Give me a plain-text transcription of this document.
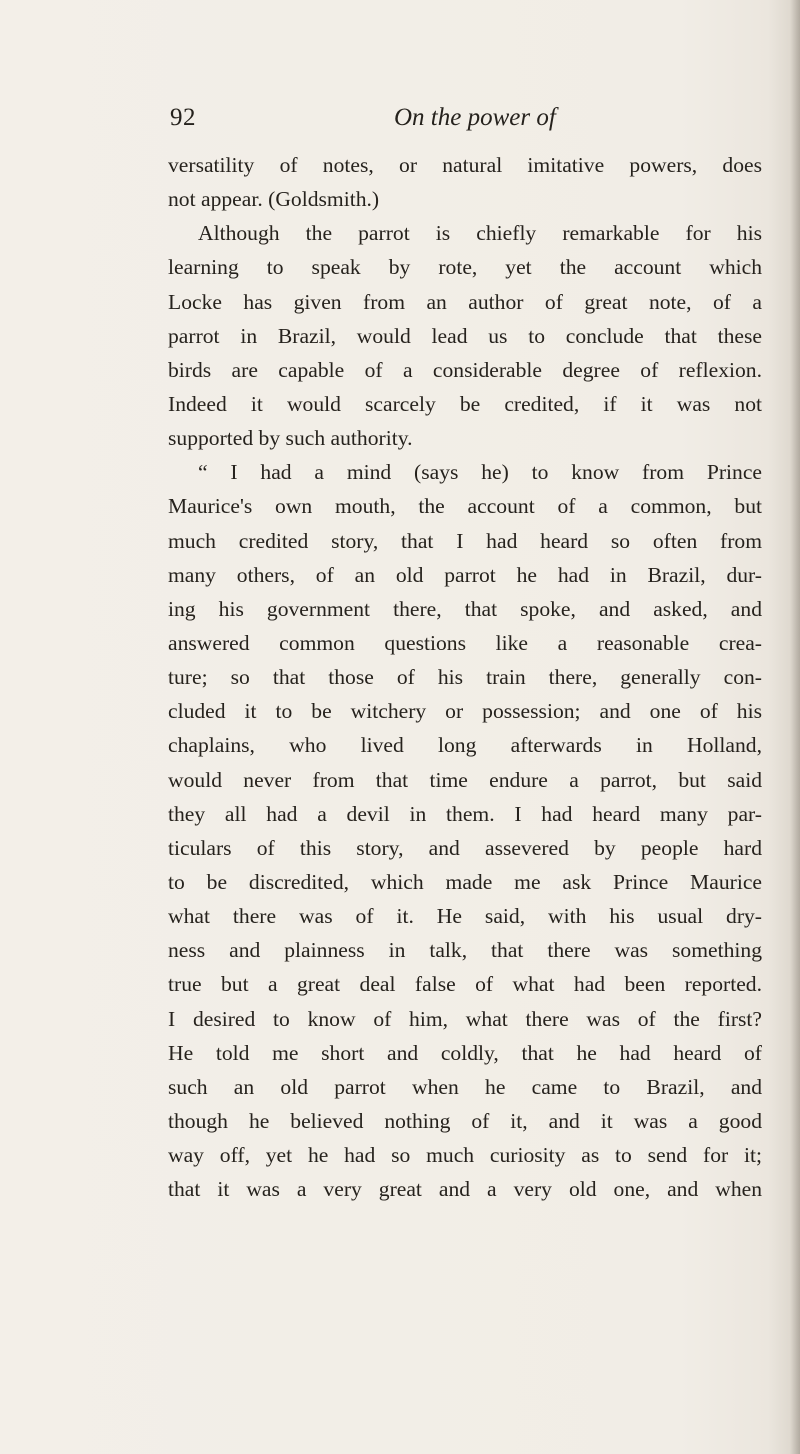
92	On the power of
versatility of notes, or natural imitative powers, does
not appear. (Goldsmith.)
Although the parrot is chiefly remarkable for his
learning to speak by rote, yet the account which
Locke has given from an author of great note, of a
parrot in Brazil, would lead us to conclude that these
birds are capable of a considerable degree of reflexion.
Indeed it would scarcely be credited, if it was not
supported by such authority.
“ I had a mind (says he) to know from Prince
Maurice's own mouth, the account of a common, but
much credited story, that I had heard so often from
many others, of an old parrot he had in Brazil, dur-
ing his government there, that spoke, and asked, and
answered common questions like a reasonable crea-
ture; so that those of his train there, generally con-
cluded it to be witchery or possession; and one of his
chaplains, who lived long afterwards in Holland,
would never from that time endure a parrot, but said
they all had a devil in them. I had heard many par-
ticulars of this story, and assevered by people hard
to be discredited, which made me ask Prince Maurice
what there was of it. He said, with his usual dry-
ness and plainness in talk, that there was something
true but a great deal false of what had been reported.
I desired to know of him, what there was of the first?
He told me short and coldly, that he had heard of
such an old parrot when he came to Brazil, and
though he believed nothing of it, and it was a good
way off, yet he had so much curiosity as to send for it;
that it was a very great and a very old one, and when
